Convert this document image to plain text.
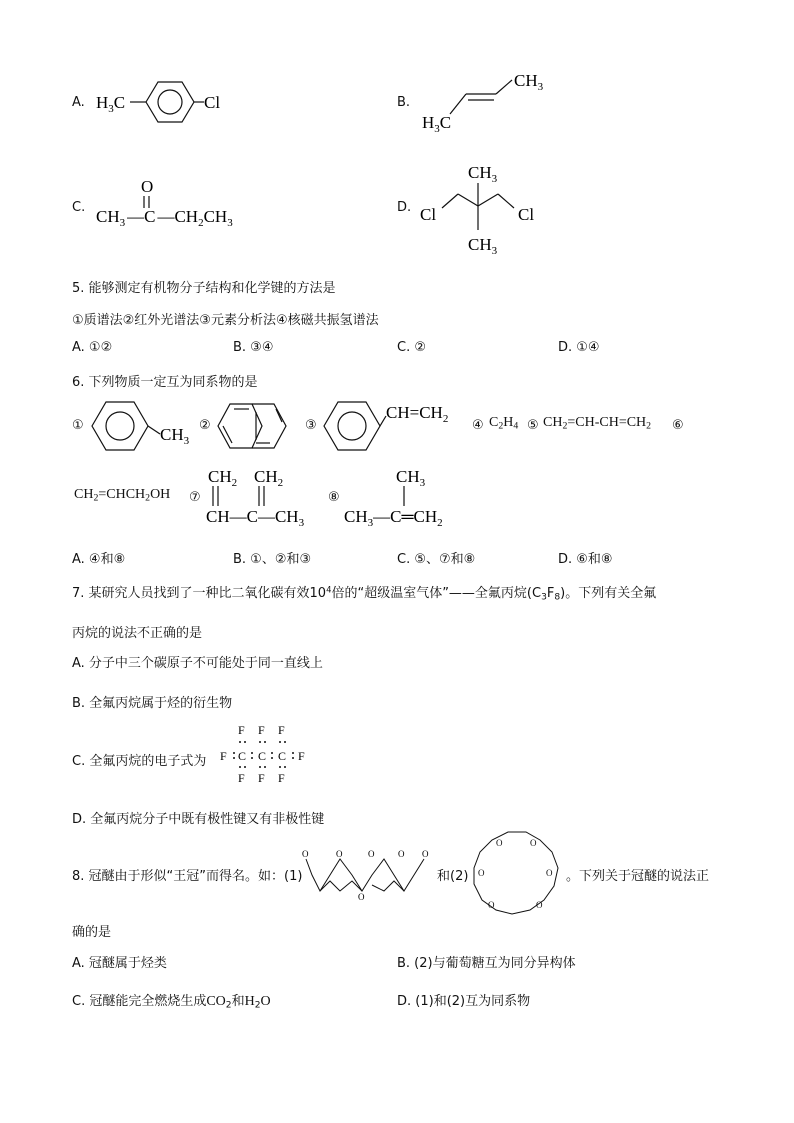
A. $H_3C$	Cl	B.
$CH_3$
$H_3C$
C.
O
$CH_3$ —C $—CH_2CH_3$
D.
$CH_3$
$CH_3$
Cl	Cl
5. 能够测定有机物分子结构和化学键的方法是
①质谱法②红外光谱法③元素分析法④核磁共振氢谱法
A. ①②	B. ③④	C. ②	D. ①④
6. 下列物质一定互为同系物的是
①	$CH_3$
②	③
$CH=CH_2$ ④ $C_2H_4$ ⑤ $CH_2=CH-CH=CH_2$ ⑥
$CH_2=CHCH_2OH$ ⑦
$CH_2$ $CH_2$
$CH—C—CH_3$
⑧
$CH_3$
$CH_3—C═CH_2$
A. ④和⑧	B. ①、②和③	C. ⑤、⑦和⑧	D. ⑥和⑧
7. 某研究人员找到了一种比二氧化碳有效$10^4$倍的“超级温室气体”——全氟丙烷$(C_3F_8)$。下列有关全氟
丙烷的说法不正确的是
A. 分子中三个碳原子不可能处于同一直线上
B. 全氟丙烷属于烃的衍生物
C. 全氟丙烷的电子式为
F F F
F C C C F
F F F
D. 全氟丙烷分子中既有极性键又有非极性键
8. 冠醚由于形似“王冠”而得名。如：(1)
O	O	O	O O
O
和(2)
O	O
O	O
O	O
。下列关于冠醚的说法正
确的是
A. 冠醚属于烃类	B. (2)与葡萄糖互为同分异构体
C. 冠醚能完全燃烧生成$CO_2$和$H_2O$	D. (1)和(2)互为同系物
